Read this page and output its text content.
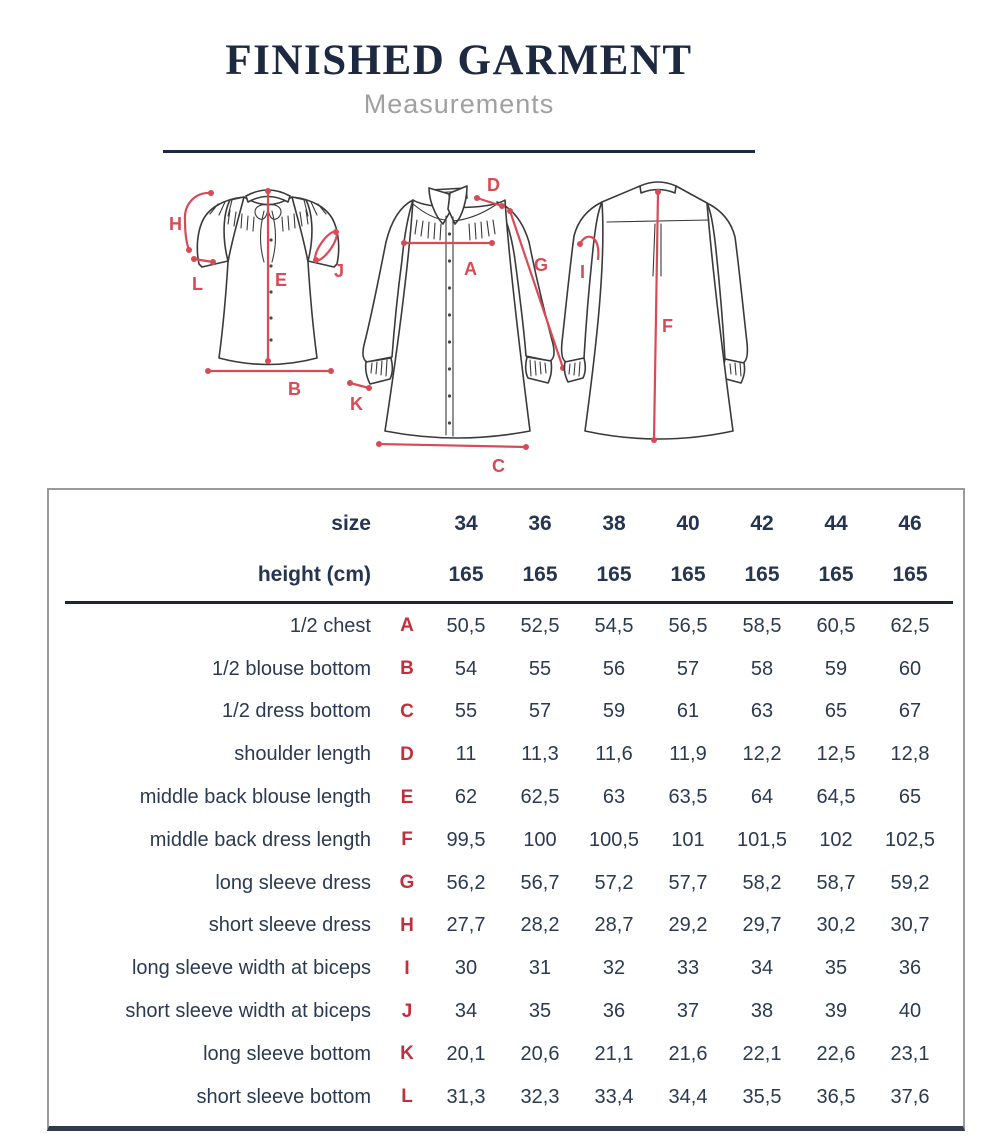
FINISHED GARMENT
Measurements
H
L	E
B
J
D
A	G
K
C
I
F
size		34	36	38	40	42	44	46	
height (cm)		165	165	165	165	165	165	165	

1/2 chest	A	50,5	52,5	54,5	56,5	58,5	60,5	62,5	
1/2 blouse bottom	B	54	55	56	57	58	59	60	
1/2 dress bottom	C	55	57	59	61	63	65	67	
shoulder length	D	11	11,3	11,6	11,9	12,2	12,5	12,8	
middle back blouse length	E	62	62,5	63	63,5	64	64,5	65	
middle back dress length	F	99,5	100	100,5	101	101,5	102	102,5	
long sleeve dress	G	56,2	56,7	57,2	57,7	58,2	58,7	59,2	
short sleeve dress	H	27,7	28,2	28,7	29,2	29,7	30,2	30,7	
long sleeve width at biceps	I	30	31	32	33	34	35	36	
short sleeve width at biceps	J	34	35	36	37	38	39	40	
long sleeve bottom	K	20,1	20,6	21,1	21,6	22,1	22,6	23,1	
short sleeve bottom	L	31,3	32,3	33,4	34,4	35,5	36,5	37,6	
